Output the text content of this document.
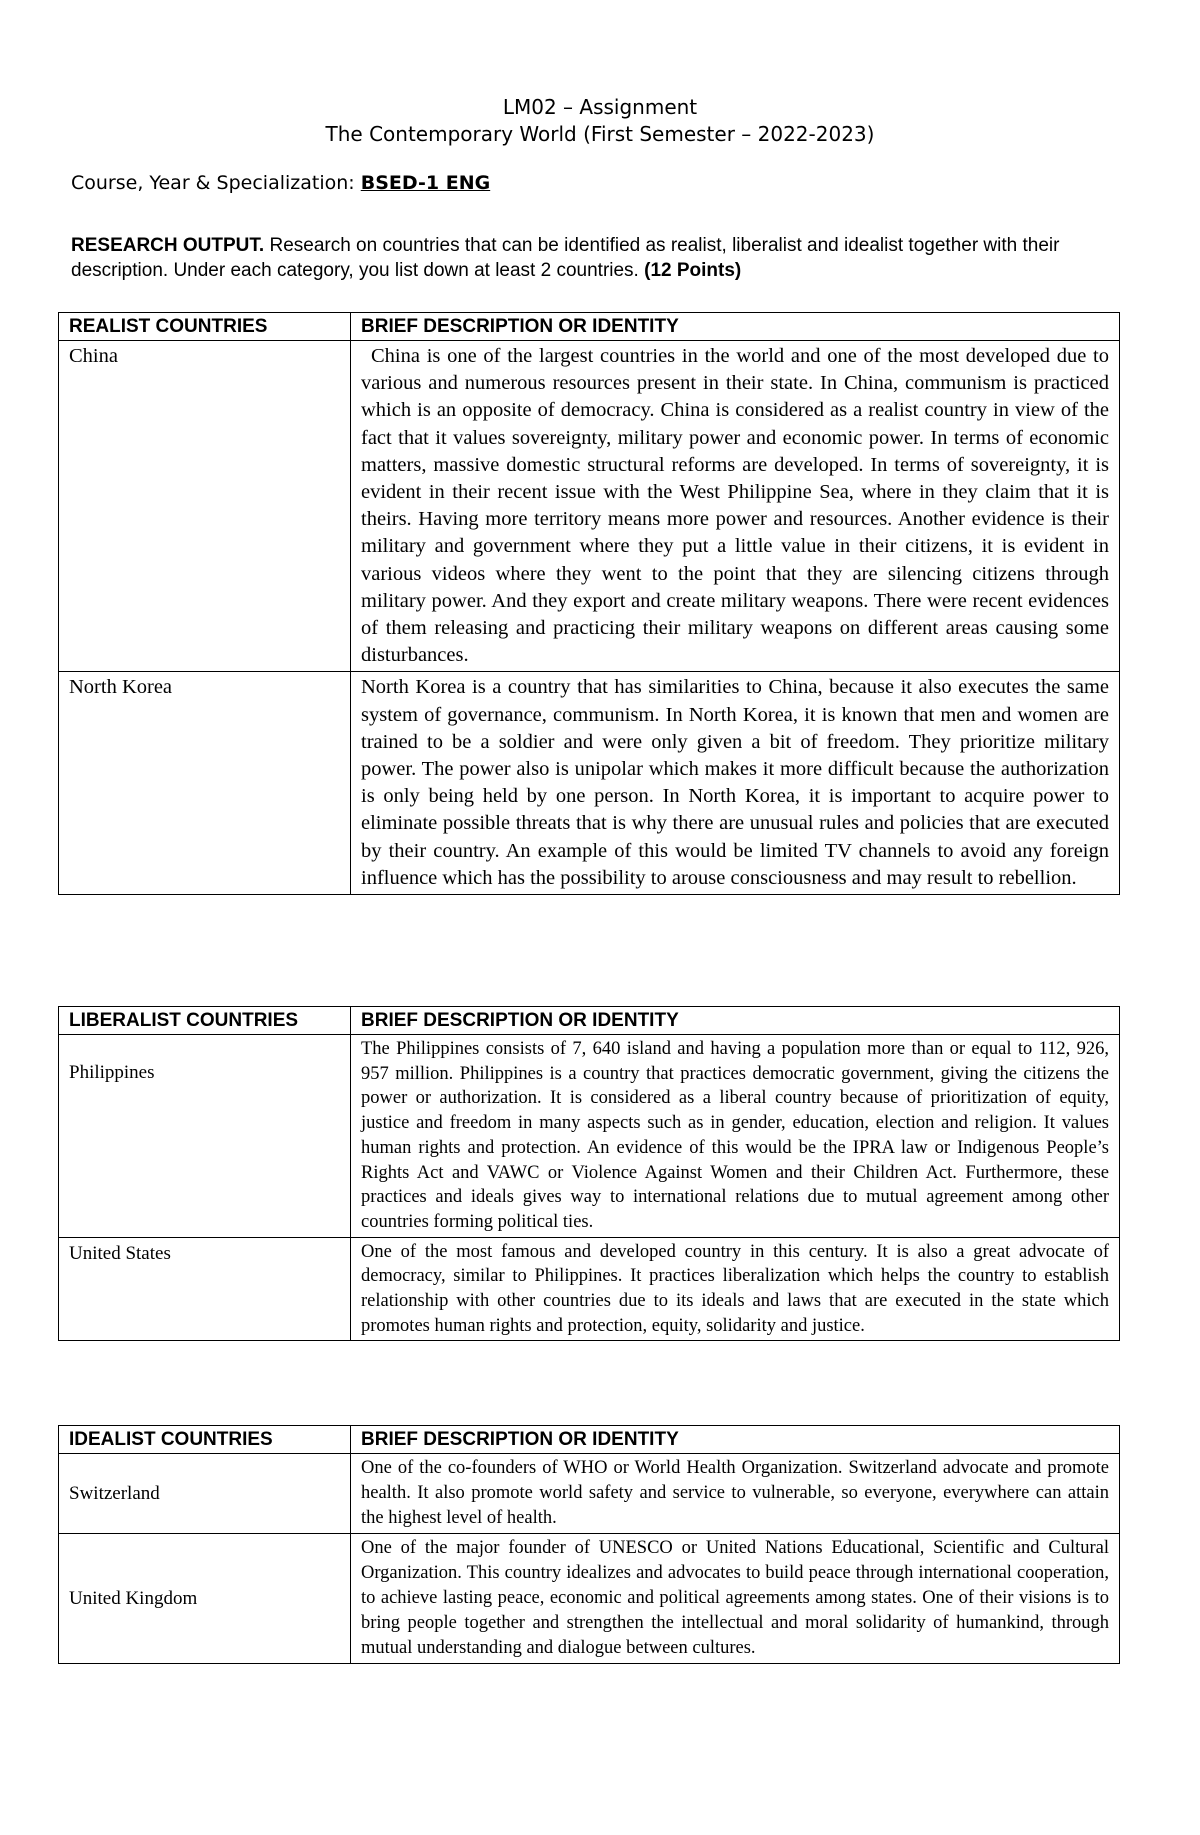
LM02 – Assignment
The Contemporary World (First Semester – 2022-2023)
Course, Year & Specialization: BSED-1 ENG
RESEARCH OUTPUT. Research on countries that can be identified as realist, liberalist and idealist together with their description. Under each category, you list down at least 2 countries. (12 Points)
REALIST COUNTRIES	BRIEF DESCRIPTION OR IDENTITY
China	China is one of the largest countries in the world and one of the most developed due to various and numerous resources present in their state. In China, communism is practiced which is an opposite of democracy. China is considered as a realist country in view of the fact that it values sovereignty, military power and economic power. In terms of economic matters, massive domestic structural reforms are developed. In terms of sovereignty, it is evident in their recent issue with the West Philippine Sea, where in they claim that it is theirs. Having more territory means more power and resources. Another evidence is their military and government where they put a little value in their citizens, it is evident in various videos where they went to the point that they are silencing citizens through military power. And they export and create military weapons. There were recent evidences of them releasing and practicing their military weapons on different areas causing some disturbances.
North Korea	North Korea is a country that has similarities to China, because it also executes the same system of governance, communism. In North Korea, it is known that men and women are trained to be a soldier and were only given a bit of freedom. They prioritize military power. The power also is unipolar which makes it more difficult because the authorization is only being held by one person. In North Korea, it is important to acquire power to eliminate possible threats that is why there are unusual rules and policies that are executed by their country. An example of this would be limited TV channels to avoid any foreign influence which has the possibility to arouse consciousness and may result to rebellion.
LIBERALIST COUNTRIES	BRIEF DESCRIPTION OR IDENTITY
Philippines	The Philippines consists of 7, 640 island and having a population more than or equal to 112, 926, 957 million. Philippines is a country that practices democratic government, giving the citizens the power or authorization. It is considered as a liberal country because of prioritization of equity, justice and freedom in many aspects such as in gender, education, election and religion. It values human rights and protection. An evidence of this would be the IPRA law or Indigenous People’s Rights Act and VAWC or Violence Against Women and their Children Act. Furthermore, these practices and ideals gives way to international relations due to mutual agreement among other countries forming political ties.
United States	One of the most famous and developed country in this century. It is also a great advocate of democracy, similar to Philippines. It practices liberalization which helps the country to establish relationship with other countries due to its ideals and laws that are executed in the state which promotes human rights and protection, equity, solidarity and justice.
IDEALIST COUNTRIES	BRIEF DESCRIPTION OR IDENTITY
Switzerland	One of the co-founders of WHO or World Health Organization. Switzerland advocate and promote health. It also promote world safety and service to vulnerable, so everyone, everywhere can attain the highest level of health.
United Kingdom	One of the major founder of UNESCO or United Nations Educational, Scientific and Cultural Organization. This country idealizes and advocates to build peace through international cooperation, to achieve lasting peace, economic and political agreements among states. One of their visions is to bring people together and strengthen the intellectual and moral solidarity of humankind, through mutual understanding and dialogue between cultures.
